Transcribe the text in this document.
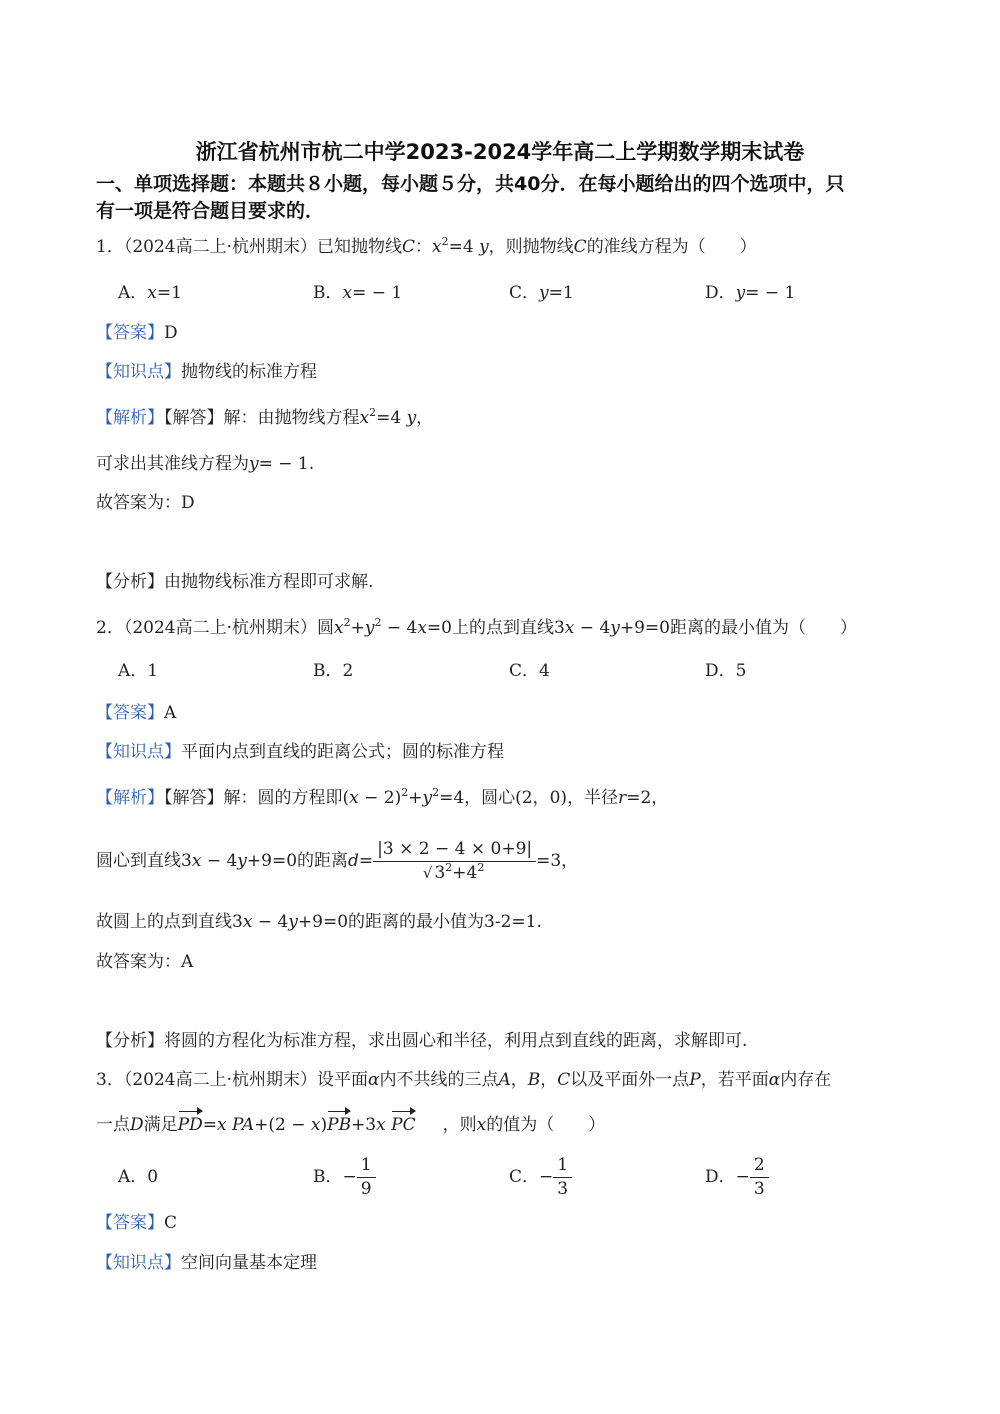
浙江省杭州市杭二中学2023-2024学年高二上学期数学期末试卷
一、单项选择题：本题共８小题，每小题５分，共40分．在每小题给出的四个选项中，只
有一项是符合题目要求的．
1．（2024高二上·杭州期末）已知抛物线C：$x^2=4$ y，则抛物线C的准线方程为（　　）
A．x=1	B．x= − 1	C．y=1	D．y= − 1
【答案】D
【知识点】抛物线的标准方程
【解析】【解答】解：由抛物线方程$x^2=4$ y，
可求出其准线方程为y= − 1.
故答案为：D
【分析】由抛物线标准方程即可求解.
2．（2024高二上·杭州期末）圆$x^2+y^2 - 4x=0$上的点到直线3x − 4y+9=0距离的最小值为（　　）
A．1	B．2	C．4	D．5
【答案】A
【知识点】平面内点到直线的距离公式；圆的标准方程
【解析】【解答】解：圆的方程即$(x - 2)^2+y^2=4$，圆心(2，0)，半径r=2，
圆心到直线3x − 4y+9=0的距离$d= \frac{|3 \times 2 - 4 \times 0+9|}{√ 3^2+4^2} =3$，
故圆上的点到直线3x − 4y+9=0的距离的最小值为3-2=1.
故答案为：A
【分析】将圆的方程化为标准方程，求出圆心和半径，利用点到直线的距离，求解即可.
3．（2024高二上·杭州期末）设平面α内不共线的三点A，B，C以及平面外一点P，若平面α内存在
一点D满足PD=x PA+(2 − x)PB+3x PC ，则x的值为（　　）
A．0	B．− $\frac{1}{9}$	C．− $\frac{1}{3}$	D．− $\frac{2}{3}$
【答案】C
【知识点】空间向量基本定理
